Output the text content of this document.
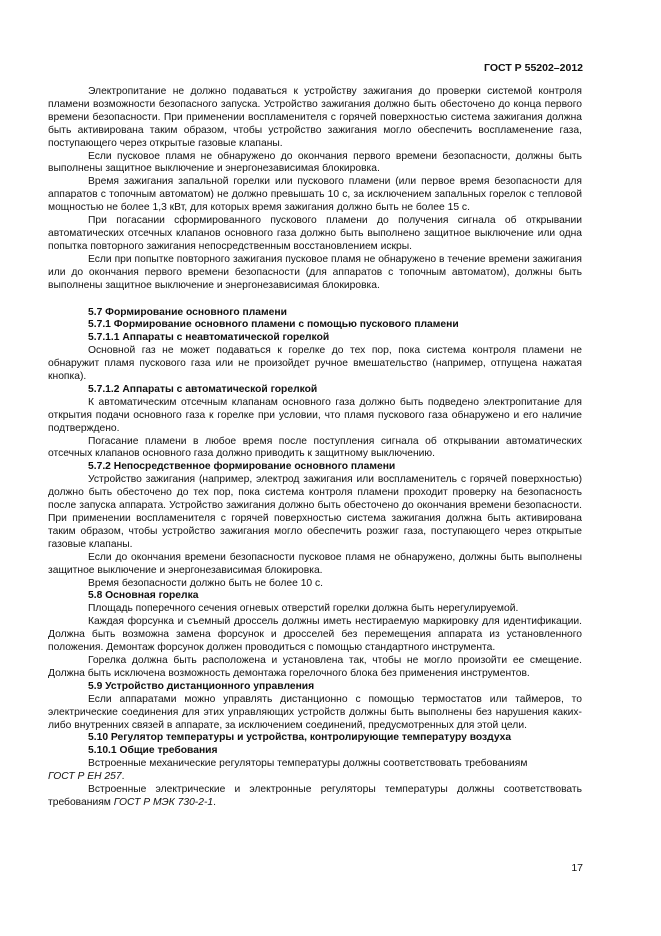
ГОСТ Р 55202–2012

Электропитание не должно подаваться к устройству зажигания до проверки системой контроля пламени возможности безопасного запуска. Устройство зажигания должно быть обесточено до конца первого времени безопасности. При применении воспламенителя с горячей поверхностью система зажигания должна быть активирована таким образом, чтобы устройство зажигания могло обеспечить воспламенение газа, поступающего через открытые газовые клапаны.

Если пусковое пламя не обнаружено до окончания первого времени безопасности, должны быть выполнены защитное выключение и энергонезависимая блокировка.

Время зажигания запальной горелки или пускового пламени (или первое время безопасности для аппаратов с топочным автоматом) не должно превышать 10 с, за исключением запальных горелок с тепловой мощностью не более 1,3 кВт, для которых время зажигания должно быть не более 15 с.

При погасании сформированного пускового пламени до получения сигнала об открывании автоматических отсечных клапанов основного газа должно быть выполнено защитное выключение или одна попытка повторного зажигания непосредственным восстановлением искры.

Если при попытке повторного зажигания пусковое пламя не обнаружено в течение времени зажигания или до окончания первого времени безопасности (для аппаратов с топочным автоматом), должны быть выполнены защитное выключение и энергонезависимая блокировка.

5.7 Формирование основного пламени

5.7.1 Формирование основного пламени с помощью пускового пламени

5.7.1.1 Аппараты с неавтоматической горелкой

Основной газ не может подаваться к горелке до тех пор, пока система контроля пламени не обнаружит пламя пускового газа или не произойдет ручное вмешательство (например, отпущена нажатая кнопка).

5.7.1.2 Аппараты с автоматической горелкой

К автоматическим отсечным клапанам основного газа должно быть подведено электропитание для открытия подачи основного газа к горелке при условии, что пламя пускового газа обнаружено и его наличие подтверждено.

Погасание пламени в любое время после поступления сигнала об открывании автоматических отсечных клапанов основного газа должно приводить к защитному выключению.

5.7.2 Непосредственное формирование основного пламени

Устройство зажигания (например, электрод зажигания или воспламенитель с горячей поверхностью) должно быть обесточено до тех пор, пока система контроля пламени проходит проверку на безопасность после запуска аппарата. Устройство зажигания должно быть обесточено до окончания времени безопасности. При применении воспламенителя с горячей поверхностью система зажигания должна быть активирована таким образом, чтобы устройство зажигания могло обеспечить розжиг газа, поступающего через открытые газовые клапаны.

Если до окончания времени безопасности пусковое пламя не обнаружено, должны быть выполнены защитное выключение и энергонезависимая блокировка.

Время безопасности должно быть не более 10 с.

5.8 Основная горелка

Площадь поперечного сечения огневых отверстий горелки должна быть нерегулируемой.

Каждая форсунка и съемный дроссель должны иметь нестираемую маркировку для идентификации. Должна быть возможна замена форсунок и дросселей без перемещения аппарата из установленного положения. Демонтаж форсунок должен проводиться с помощью стандартного инструмента.

Горелка должна быть расположена и установлена так, чтобы не могло произойти ее смещение. Должна быть исключена возможность демонтажа горелочного блока без применения инструментов.

5.9 Устройство дистанционного управления

Если аппаратами можно управлять дистанционно с помощью термостатов или таймеров, то электрические соединения для этих управляющих устройств должны быть выполнены без нарушения каких-либо внутренних связей в аппарате, за исключением соединений, предусмотренных для этой цели.

5.10 Регулятор температуры и устройства, контролирующие температуру воздуха

5.10.1 Общие требования

Встроенные механические регуляторы температуры должны соответствовать требованиям
ГОСТ Р ЕН 257.

Встроенные электрические и электронные регуляторы температуры должны соответствовать требованиям ГОСТ Р МЭК 730-2-1.

17
